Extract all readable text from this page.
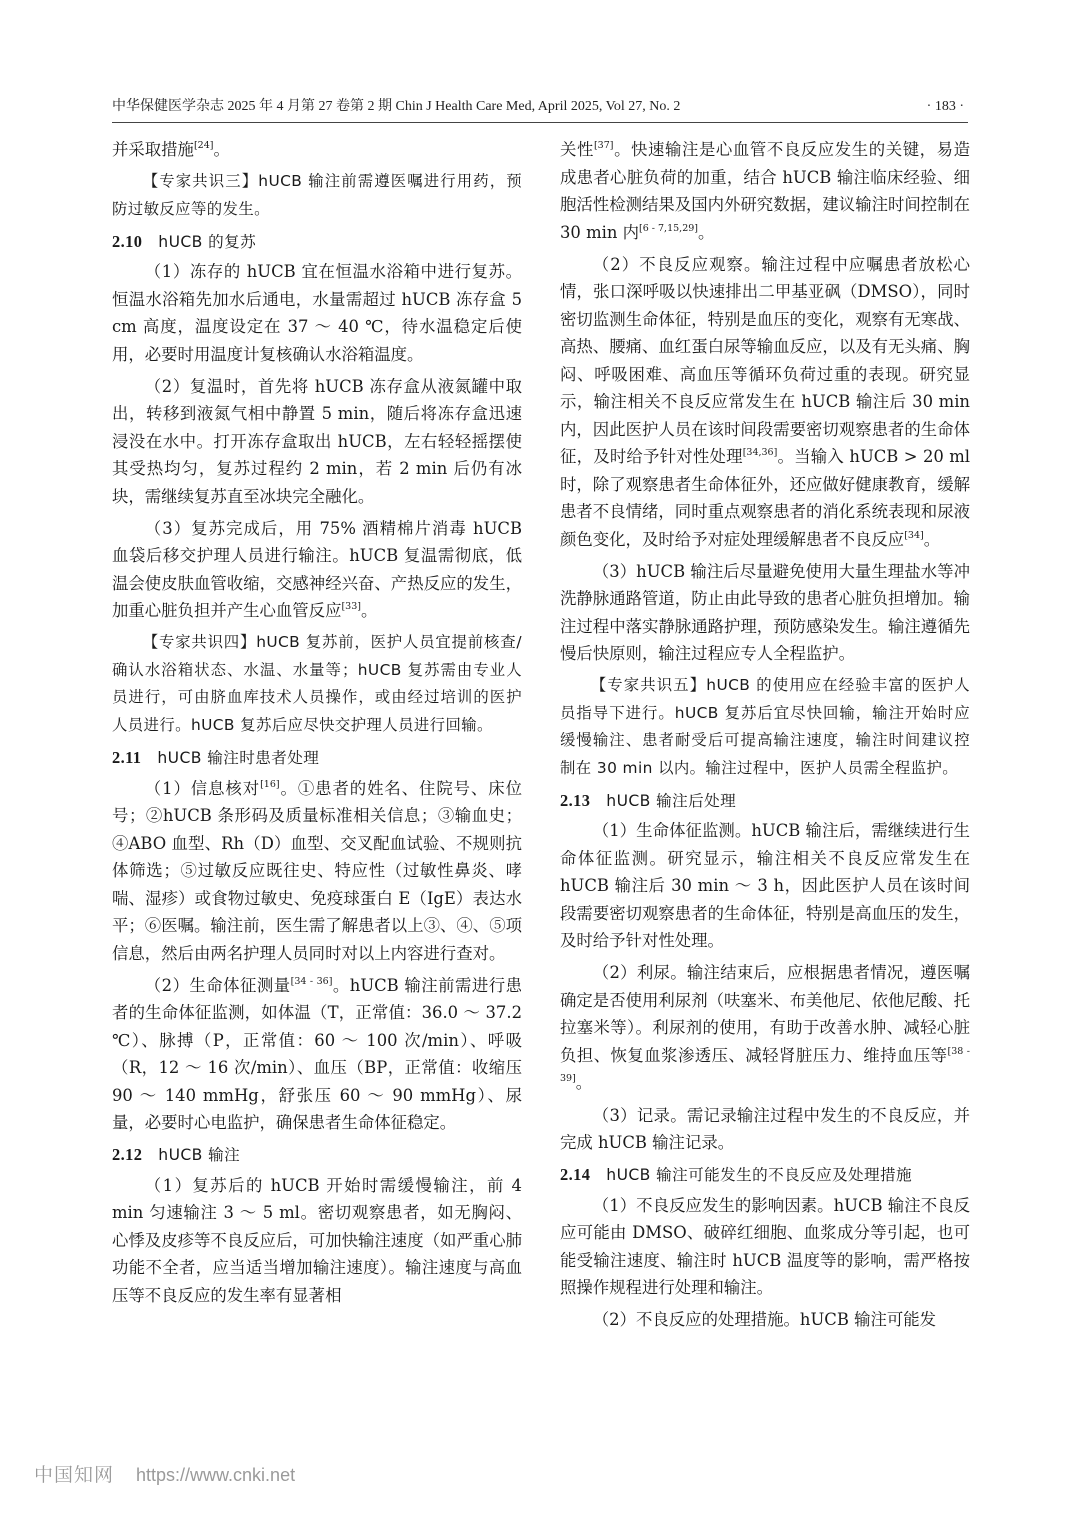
中华保健医学杂志 2025 年 4 月第 27 卷第 2 期 Chin J Health Care Med, April 2025, Vol 27, No. 2	· 183 ·

并采取措施[24]。

【专家共识三】hUCB 输注前需遵医嘱进行用药，预防过敏反应等的发生。

2.10 hUCB 的复苏

（1）冻存的 hUCB 宜在恒温水浴箱中进行复苏。恒温水浴箱先加水后通电，水量需超过 hUCB 冻存盒 5 cm 高度，温度设定在 37 ～ 40 ℃，待水温稳定后使用，必要时用温度计复核确认水浴箱温度。

（2）复温时，首先将 hUCB 冻存盒从液氮罐中取出，转移到液氮气相中静置 5 min，随后将冻存盒迅速浸没在水中。打开冻存盒取出 hUCB，左右轻轻摇摆使其受热均匀，复苏过程约 2 min，若 2 min 后仍有冰块，需继续复苏直至冰块完全融化。

（3）复苏完成后，用 75% 酒精棉片消毒 hUCB 血袋后移交护理人员进行输注。hUCB 复温需彻底，低温会使皮肤血管收缩，交感神经兴奋、产热反应的发生，加重心脏负担并产生心血管反应[33]。

【专家共识四】hUCB 复苏前，医护人员宜提前核查/确认水浴箱状态、水温、水量等；hUCB 复苏需由专业人员进行，可由脐血库技术人员操作，或由经过培训的医护人员进行。hUCB 复苏后应尽快交护理人员进行回输。

2.11 hUCB 输注时患者处理

（1）信息核对[16]。①患者的姓名、住院号、床位号；②hUCB 条形码及质量标准相关信息；③输血史；④ABO 血型、Rh（D）血型、交叉配血试验、不规则抗体筛选；⑤过敏反应既往史、特应性（过敏性鼻炎、哮喘、湿疹）或食物过敏史、免疫球蛋白 E（IgE）表达水平；⑥医嘱。输注前，医生需了解患者以上③、④、⑤项信息，然后由两名护理人员同时对以上内容进行查对。

（2）生命体征测量[34 - 36]。hUCB 输注前需进行患者的生命体征监测，如体温（T，正常值：36.0 ～ 37.2 ℃）、脉搏（P，正常值：60 ～ 100 次/min）、呼吸（R，12 ～ 16 次/min）、血压（BP，正常值：收缩压 90 ～ 140 mmHg，舒张压 60 ～ 90 mmHg）、尿量，必要时心电监护，确保患者生命体征稳定。

2.12 hUCB 输注

（1）复苏后的 hUCB 开始时需缓慢输注，前 4 min 匀速输注 3 ～ 5 ml。密切观察患者，如无胸闷、心悸及皮疹等不良反应后，可加快输注速度（如严重心肺功能不全者，应当适当增加输注速度）。输注速度与高血压等不良反应的发生率有显著相

关性[37]。快速输注是心血管不良反应发生的关键，易造成患者心脏负荷的加重，结合 hUCB 输注临床经验、细胞活性检测结果及国内外研究数据，建议输注时间控制在 30 min 内[6 - 7,15,29]。

（2）不良反应观察。输注过程中应嘱患者放松心情，张口深呼吸以快速排出二甲基亚砜（DMSO），同时密切监测生命体征，特别是血压的变化，观察有无寒战、高热、腰痛、血红蛋白尿等输血反应，以及有无头痛、胸闷、呼吸困难、高血压等循环负荷过重的表现。研究显示，输注相关不良反应常发生在 hUCB 输注后 30 min 内，因此医护人员在该时间段需要密切观察患者的生命体征，及时给予针对性处理[34,36]。当输入 hUCB > 20 ml 时，除了观察患者生命体征外，还应做好健康教育，缓解患者不良情绪，同时重点观察患者的消化系统表现和尿液颜色变化，及时给予对症处理缓解患者不良反应[34]。

（3）hUCB 输注后尽量避免使用大量生理盐水等冲洗静脉通路管道，防止由此导致的患者心脏负担增加。输注过程中落实静脉通路护理，预防感染发生。输注遵循先慢后快原则，输注过程应专人全程监护。

【专家共识五】hUCB 的使用应在经验丰富的医护人员指导下进行。hUCB 复苏后宜尽快回输，输注开始时应缓慢输注、患者耐受后可提高输注速度，输注时间建议控制在 30 min 以内。输注过程中，医护人员需全程监护。

2.13 hUCB 输注后处理

（1）生命体征监测。hUCB 输注后，需继续进行生命体征监测。研究显示，输注相关不良反应常发生在 hUCB 输注后 30 min ～ 3 h，因此医护人员在该时间段需要密切观察患者的生命体征，特别是高血压的发生，及时给予针对性处理。

（2）利尿。输注结束后，应根据患者情况，遵医嘱确定是否使用利尿剂（呋塞米、布美他尼、依他尼酸、托拉塞米等）。利尿剂的使用，有助于改善水肿、减轻心脏负担、恢复血浆渗透压、减轻肾脏压力、维持血压等[38 - 39]。

（3）记录。需记录输注过程中发生的不良反应，并完成 hUCB 输注记录。

2.14 hUCB 输注可能发生的不良反应及处理措施

（1）不良反应发生的影响因素。hUCB 输注不良反应可能由 DMSO、破碎红细胞、血浆成分等引起，也可能受输注速度、输注时 hUCB 温度等的影响，需严格按照操作规程进行处理和输注。

（2）不良反应的处理措施。hUCB 输注可能发

中国知网 https://www.cnki.net
